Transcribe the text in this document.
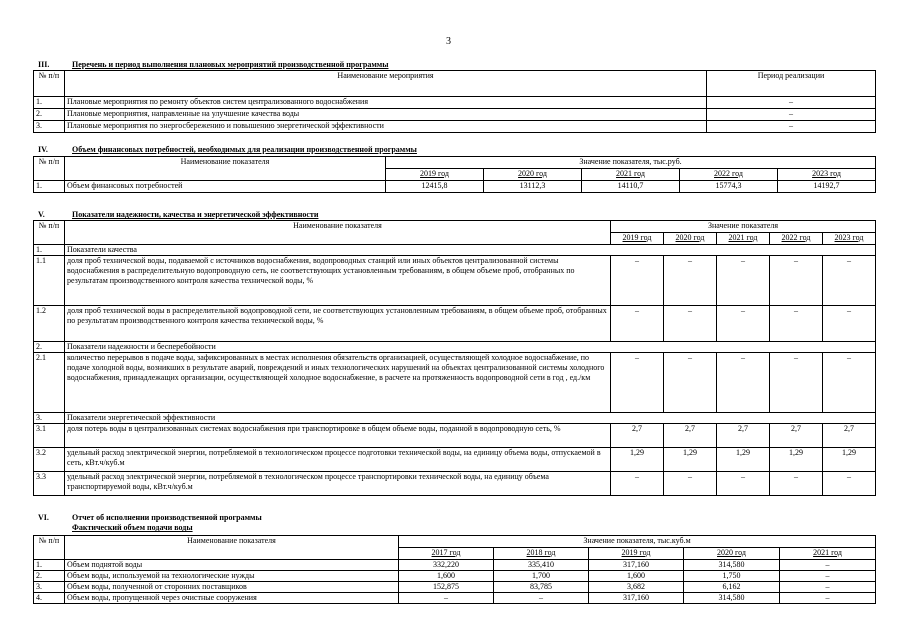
3
III.	Перечень и период выполнения плановых мероприятий производственной программы
№ п/п	Наименование мероприятия	Период реализации
1.	Плановые мероприятия по ремонту объектов систем централизованного водоснабжения	–
2.	Плановые мероприятия, направленные на улучшение качества воды	–
3.	Плановые мероприятия по энергосбережению и повышению энергетической эффективности	–
IV.	Объем финансовых потребностей, необходимых для реализации производственной программы
№ п/п	Наименование показателя	Значение показателя, тыс.руб.				
		2019 год	2020 год	2021 год	2022 год	2023 год
1.	Объем финансовых потребностей	12415,8	13112,3	14110,7	15774,3	14192,7
V.	Показатели надежности, качества и энергетической эффективности
№ п/п	Наименование показателя	Значение показателя				
		2019 год	2020 год	2021 год	2022 год	2023 год
1.	Показатели качества					
1.1	доля проб технической воды, подаваемой с источников водоснабжения, водопроводных станций или иных объектов централизованной системы водоснабжения в распределительную водопроводную сеть, не соответствующих установленным требованиям, в общем объеме проб, отобранных по результатам производственного контроля качества технической воды, %	–	–	–	–	–
1.2	доля проб технической воды в распределительной водопроводной сети, не соответствующих установленным требованиям, в общем объеме проб, отобранных по результатам производственного контроля качества технической воды, %	–	–	–	–	–
2.	Показатели надежности и бесперебойности					
2.1	количество перерывов в подаче воды, зафиксированных в местах исполнения обязательств организацией, осуществляющей холодное водоснабжение, по подаче холодной воды, возникших в результате аварий, повреждений и иных технологических нарушений на объектах централизованной системы холодного водоснабжения, принадлежащих организации, осуществляющей холодное водоснабжение, в расчете на протяженность водопроводной сети в год , ед./км	–	–	–	–	–
3.	Показатели энергетической эффективности					
3.1	доля потерь воды в централизованных системах водоснабжения при транспортировке в общем объеме воды, поданной в водопроводную сеть, %	2,7	2,7	2,7	2,7	2,7
3.2	удельный расход электрической энергии, потребляемой в технологическом процессе подготовки технической воды, на единицу объема воды, отпускаемой в сеть, кВт.ч/куб.м	1,29	1,29	1,29	1,29	1,29
3.3	удельный расход электрической энергии, потребляемой в технологическом процессе транспортировки технической воды, на единицу объема транспортируемой воды, кВт.ч/куб.м	–	–	–	–	–
VI.	Отчет об исполнении производственной программы
Фактический объем подачи воды
№ п/п	Наименование показателя	Значение показателя, тыс.куб.м				
		2017 год	2018 год	2019 год	2020 год	2021 год
1.	Объем поднятой воды	332,220	335,410	317,160	314,580	–
2.	Объем воды, используемой на технологические нужды	1,600	1,700	1,600	1,750	–
3.	Объем воды, полученной от сторонних поставщиков	152,875	83,785	3,682	6,162	–
4.	Объем воды, пропущенной через очистные сооружения	–	–	317,160	314,580	–
